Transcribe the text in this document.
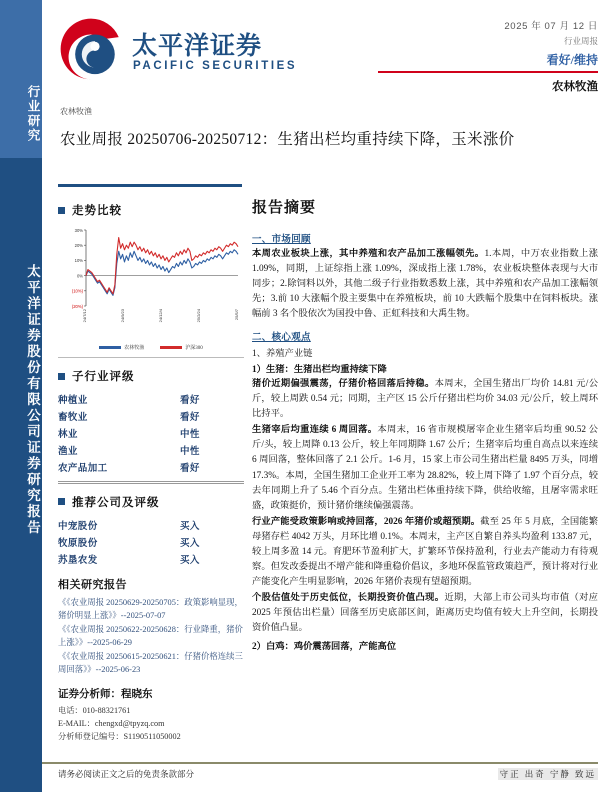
行业研究
太平洋证券股份有限公司证券研究报告
太平洋证券
PACIFIC SECURITIES
2025 年 07 月 12 日
行业周报
看好/维持
农林牧渔
农林牧渔
农业周报 20250706-20250712：生猪出栏均重持续下降，玉米涨价
走势比较
30%
20%
10%
0%
(10%)
(20%)
24/7/12	24/9/23	24/12/4	25/2/24	25/5/7
农林牧渔	沪深300
子行业评级
种植业	看好
畜牧业	看好
林业	中性
渔业	中性
农产品加工	看好
推荐公司及评级
中宠股份	买入
牧原股份	买入
苏垦农发	买入
相关研究报告
《《农业周报 20250629-20250705：政策影响显现，猪价明显上涨》》--2025-07-07
《《农业周报 20250622-20250628：行业降重，猪价上涨》》--2025-06-29
《《农业周报 20250615-20250621：仔猪价格连续三周回落》》--2025-06-23
证券分析师：程晓东
电话：010-88321761
E-MAIL：chengxd@tpyzq.com
分析师登记编号：S1190511050002
报告摘要
一、市场回顾

本周农业板块上涨，其中养殖和农产品加工涨幅领先。1.本周，中万农业指数上涨 1.09%，同期，上证综指上涨 1.09%，深成指上涨 1.78%，农业板块整体表现与大市同步；2.除饲料以外，其他二级子行业指数悉数上涨，其中养殖和农产品加工涨幅领先；3.前 10 大涨幅个股主要集中在养殖板块，前 10 大跌幅个股集中在饲料板块。涨幅前 3 名个股依次为国投中鲁、正虹科技和大禹生物。

二、核心观点
1、养殖产业链
1）生猪：生猪出栏均重持续下降

猪价近期偏强震荡，仔猪价格回落后持稳。本周末，全国生猪出厂均价 14.81 元/公斤，较上周跌 0.54 元；同期，主产区 15 公斤仔猪出栏均价 34.03 元/公斤，较上周环比持平。

生猪宰后均重连续 6 周回落。本周末，16 省市规模屠宰企业生猪宰后均重 90.52 公斤/头，较上周降 0.13 公斤，较上年同期降 1.67 公斤；生猪宰后均重自高点以来连续 6 周回落，整体回落了 2.1 公斤。1-6 月，15 家上市公司生猪出栏量 8495 万头，同增 17.3%。本周，全国生猪加工企业开工率为 28.82%，较上周下降了 1.97 个百分点，较去年同期上升了 5.46 个百分点。生猪出栏体重持续下降，供给收缩，且屠宰需求旺盛，政策挺价，预计猪价继续偏强震荡。

行业产能受政策影响或持回落，2026 年猪价或超预期。截至 25 年 5 月底，全国能繁母猪存栏 4042 万头，月环比增 0.1%。本周末，主产区自繁自养头均盈利 133.87 元，较上周多盈 14 元。育肥环节盈利扩大，扩繁环节保持盈利，行业去产能动力有待观察。但发改委提出不增产能和降重稳价倡议，多地环保监管政策趋严，预计将对行业产能变化产生明显影响，2026 年猪价表现有望超预期。

个股估值处于历史低位，长期投资价值凸现。近期，大部上市公司头均市值（对应 2025 年预估出栏量）回落至历史底部区间，距离历史均值有较大上升空间，长期投资价值凸显。

2）白鸡：鸡价震荡回落，产能高位
请务必阅读正文之后的免责条款部分	守正 出奇 宁静 致远
